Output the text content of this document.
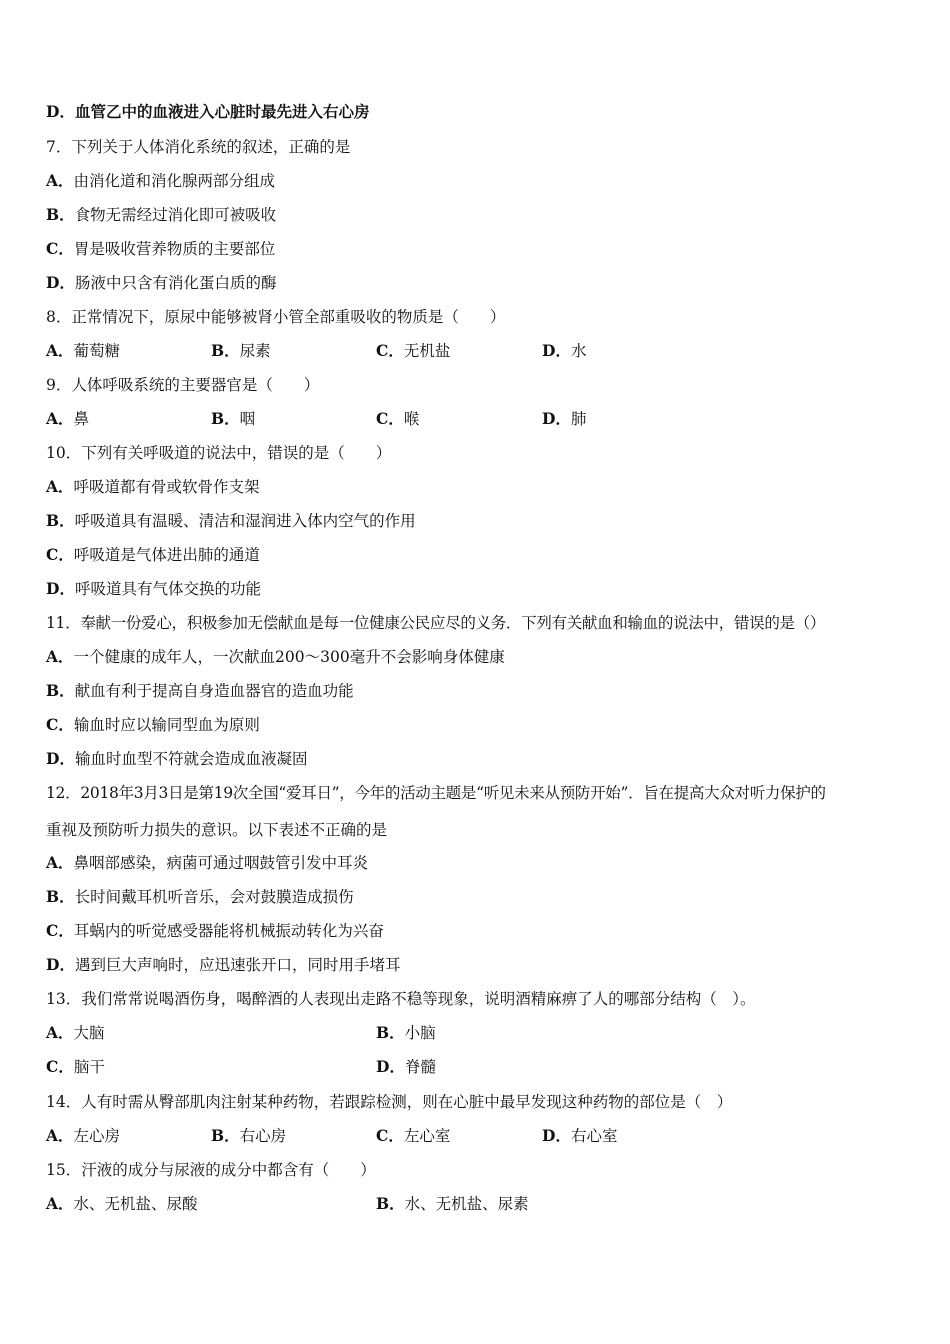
D．血管乙中的血液进入心脏时最先进入右心房
7．下列关于人体消化系统的叙述，正确的是
A．由消化道和消化腺两部分组成
B．食物无需经过消化即可被吸收
C．胃是吸收营养物质的主要部位
D．肠液中只含有消化蛋白质的酶
8．正常情况下，原尿中能够被肾小管全部重吸收的物质是（　　）
A．葡萄糖	B．尿素	C．无机盐	D．水
9．人体呼吸系统的主要器官是（　　）
A．鼻	B．咽	C．喉	D．肺
10．下列有关呼吸道的说法中，错误的是（　　）
A．呼吸道都有骨或软骨作支架
B．呼吸道具有温暖、清洁和湿润进入体内空气的作用
C．呼吸道是气体进出肺的通道
D．呼吸道具有气体交换的功能
11．奉献一份爱心，积极参加无偿献血是每一位健康公民应尽的义务．下列有关献血和输血的说法中，错误的是（）
A．一个健康的成年人，一次献血200～300毫升不会影响身体健康
B．献血有利于提高自身造血器官的造血功能
C．输血时应以输同型血为原则
D．输血时血型不符就会造成血液凝固
12．2018年3月3日是第19次全国“爱耳日”，今年的活动主题是“听见未来从预防开始”．旨在提高大众对听力保护的
重视及预防听力损失的意识。以下表述不正确的是
A．鼻咽部感染，病菌可通过咽鼓管引发中耳炎
B．长时间戴耳机听音乐，会对鼓膜造成损伤
C．耳蜗内的听觉感受器能将机械振动转化为兴奋
D．遇到巨大声响时，应迅速张开口，同时用手堵耳
13．我们常常说喝酒伤身，喝醉酒的人表现出走路不稳等现象，说明酒精麻痹了人的哪部分结构（　）。
A．大脑	B．小脑
C．脑干	D．脊髓
14．人有时需从臀部肌肉注射某种药物，若跟踪检测，则在心脏中最早发现这种药物的部位是（　）
A．左心房	B．右心房	C．左心室	D．右心室
15．汗液的成分与尿液的成分中都含有（　　）
A．水、无机盐、尿酸	B．水、无机盐、尿素
